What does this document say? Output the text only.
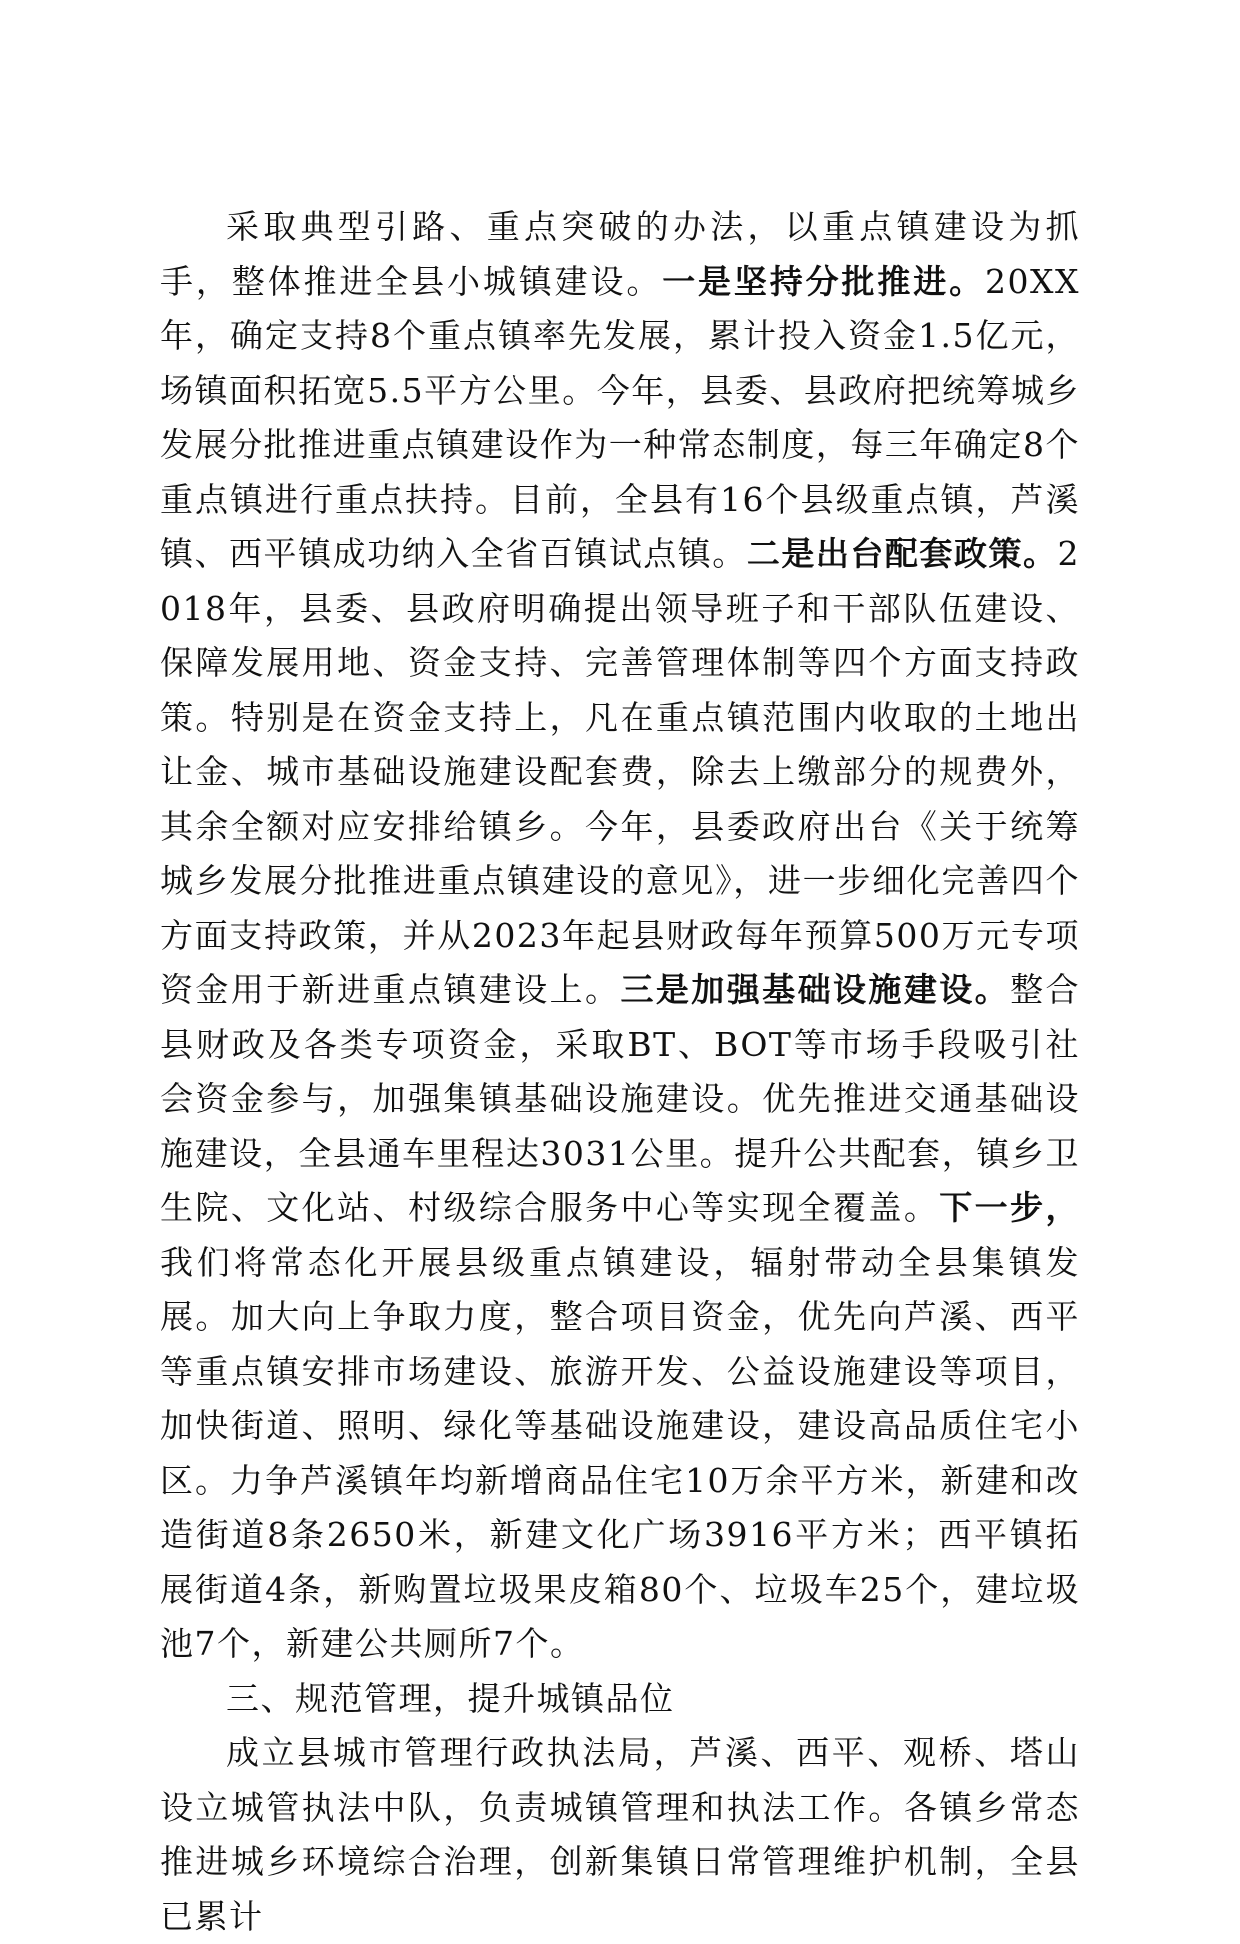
采取典型引路、重点突破的办法，以重点镇建设为抓手，整体推进全县小城镇建设。一是坚持分批推进。20XX年，确定支持8个重点镇率先发展，累计投入资金1.5亿元，场镇面积拓宽5.5平方公里。今年，县委、县政府把统筹城乡发展分批推进重点镇建设作为一种常态制度，每三年确定8个重点镇进行重点扶持。目前，全县有16个县级重点镇，芦溪镇、西平镇成功纳入全省百镇试点镇。二是出台配套政策。2018年，县委、县政府明确提出领导班子和干部队伍建设、保障发展用地、资金支持、完善管理体制等四个方面支持政策。特别是在资金支持上，凡在重点镇范围内收取的土地出让金、城市基础设施建设配套费，除去上缴部分的规费外，其余全额对应安排给镇乡。今年，县委政府出台《关于统筹城乡发展分批推进重点镇建设的意见》，进一步细化完善四个方面支持政策，并从2023年起县财政每年预算500万元专项资金用于新进重点镇建设上。三是加强基础设施建设。整合县财政及各类专项资金，采取BT、BOT等市场手段吸引社会资金参与，加强集镇基础设施建设。优先推进交通基础设施建设，全县通车里程达3031公里。提升公共配套，镇乡卫生院、文化站、村级综合服务中心等实现全覆盖。下一步，我们将常态化开展县级重点镇建设，辐射带动全县集镇发展。加大向上争取力度，整合项目资金，优先向芦溪、西平等重点镇安排市场建设、旅游开发、公益设施建设等项目，加快街道、照明、绿化等基础设施建设，建设高品质住宅小区。力争芦溪镇年均新增商品住宅10万余平方米，新建和改造街道8条2650米，新建文化广场3916平方米；西平镇拓展街道4条，新购置垃圾果皮箱80个、垃圾车25个，建垃圾池7个，新建公共厕所7个。

三、规范管理，提升城镇品位

成立县城市管理行政执法局，芦溪、西平、观桥、塔山设立城管执法中队，负责城镇管理和执法工作。各镇乡常态推进城乡环境综合治理，创新集镇日常管理维护机制，全县已累计
